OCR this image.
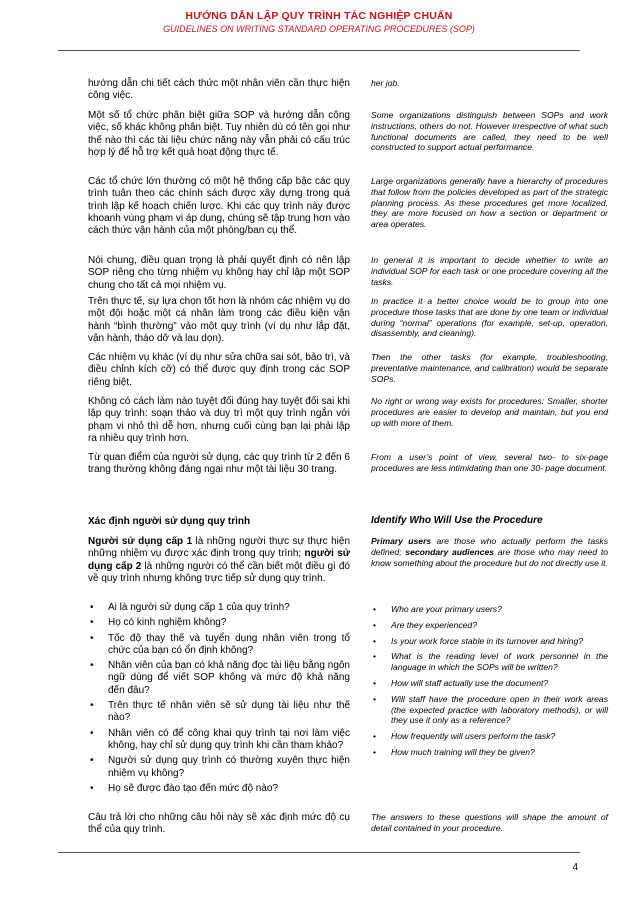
HƯỚNG DẪN LẬP QUY TRÌNH TÁC NGHIỆP CHUẨN
GUIDELINES ON WRITING STANDARD OPERATING PROCEDURES (SOP)
hướng dẫn chi tiết cách thức một nhân viên cần thực hiện công việc.
her job.
Một số tổ chức phân biệt giữa SOP và hướng dẫn công việc, số khác không phân biệt. Tuy nhiên dù có tên gọi như thế nào thì các tài liệu chức năng này vẫn phải có cấu trúc hợp lý để hỗ trợ kết quả hoạt động thực tế.
Some organizations distinguish between SOPs and work instructions, others do not. However irrespective of what such functional documents are called, they need to be well constructed to support actual performance.
Các tổ chức lớn thường có một hệ thống cấp bậc các quy trình tuân theo các chính sách được xây dựng trong quá trình lập kế hoạch chiến lược. Khi các quy trình này được khoanh vùng phạm vi áp dụng, chúng sẽ tập trung hơn vào cách thức vận hành của một phòng/ban cụ thể.
Large organizations generally have a hierarchy of procedures that follow from the policies developed as part of the strategic planning process. As these procedures get more localized, they are more focused on how a section or department or area operates.
Nói chung, điều quan trọng là phải quyết định có nên lập SOP riêng cho từng nhiệm vụ không hay chỉ lập một SOP chung cho tất cả mọi nhiệm vụ.
In general it is important to decide whether to write an individual SOP for each task or one procedure covering all the tasks.
Trên thực tế, sự lựa chọn tốt hơn là nhóm các nhiệm vụ do một đội hoặc một cá nhân làm trong các điều kiện vận hành “bình thường” vào một quy trình (ví dụ như lắp đặt, vận hành, tháo dỡ và lau dọn).
In practice it a better choice would be to group into one procedure those tasks that are done by one team or individual during “normal” operations (for example, set-up, operation, disassembly, and cleaning).
Các nhiệm vụ khác (ví dụ như sửa chữa sai sót, bảo trì, và điều chỉnh kích cỡ) có thể được quy định trong các SOP riêng biệt.
Then the other tasks (for example, troubleshooting, preventative maintenance, and calibration) would be separate SOPs.
Không có cách làm nào tuyệt đối đúng hay tuyệt đối sai khi lập quy trình: soạn thảo và duy trì một quy trình ngắn với phạm vi nhỏ thì dễ hơn, nhưng cuối cùng bạn lại phải lập ra nhiều quy trình hơn.
No right or wrong way exists for procedures: Smaller, shorter procedures are easier to develop and maintain, but you end up with more of them.
Từ quan điểm của người sử dụng, các quy trình từ 2 đến 6 trang thường không đáng ngại như một tài liệu 30 trang.
From a user’s point of view, several two- to six-page procedures are less intimidating than one 30- page document.
Xác định người sử dụng quy trình	Identify Who Will Use the Procedure
Người sử dụng cấp 1 là những người thực sự thực hiện những nhiệm vụ được xác định trong quy trình; người sử dụng cấp 2 là những người có thể cần biết một điều gì đó về quy trình nhưng không trực tiếp sử dụng quy trình.
Primary users are those who actually perform the tasks defined; secondary audiences are those who may need to know something about the procedure but do not directly use it.
• Ai là người sử dụng cấp 1 của quy trình?
• Họ có kinh nghiệm không?
• Tốc độ thay thế và tuyển dụng nhân viên trong tổ chức của bạn có ổn định không?
• Nhân viên của bạn có khả năng đọc tài liệu bằng ngôn ngữ dùng để viết SOP không và mức độ khả năng đến đâu?
• Trên thực tế nhân viên sẽ sử dụng tài liệu như thế nào?
• Nhân viên có để công khai quy trình tại nơi làm việc không, hay chỉ sử dụng quy trình khi cần tham khảo?
• Người sử dụng quy trình có thường xuyên thực hiện nhiệm vụ không?
• Họ sẽ được đào tạo đến mức độ nào?
• Who are your primary users?
• Are they experienced?
• Is your work force stable in its turnover and hiring?
• What is the reading level of work personnel in the language in which the SOPs will be written?
• How will staff actually use the document?
• Will staff have the procedure open in their work areas (the expected practice with laboratory methods), or will they use it only as a reference?
• How frequently will users perform the task?
• How much training will they be given?
Câu trả lời cho những câu hỏi này sẽ xác định mức độ cụ thể của quy trình.
The answers to these questions will shape the amount of detail contained in your procedure.
4
